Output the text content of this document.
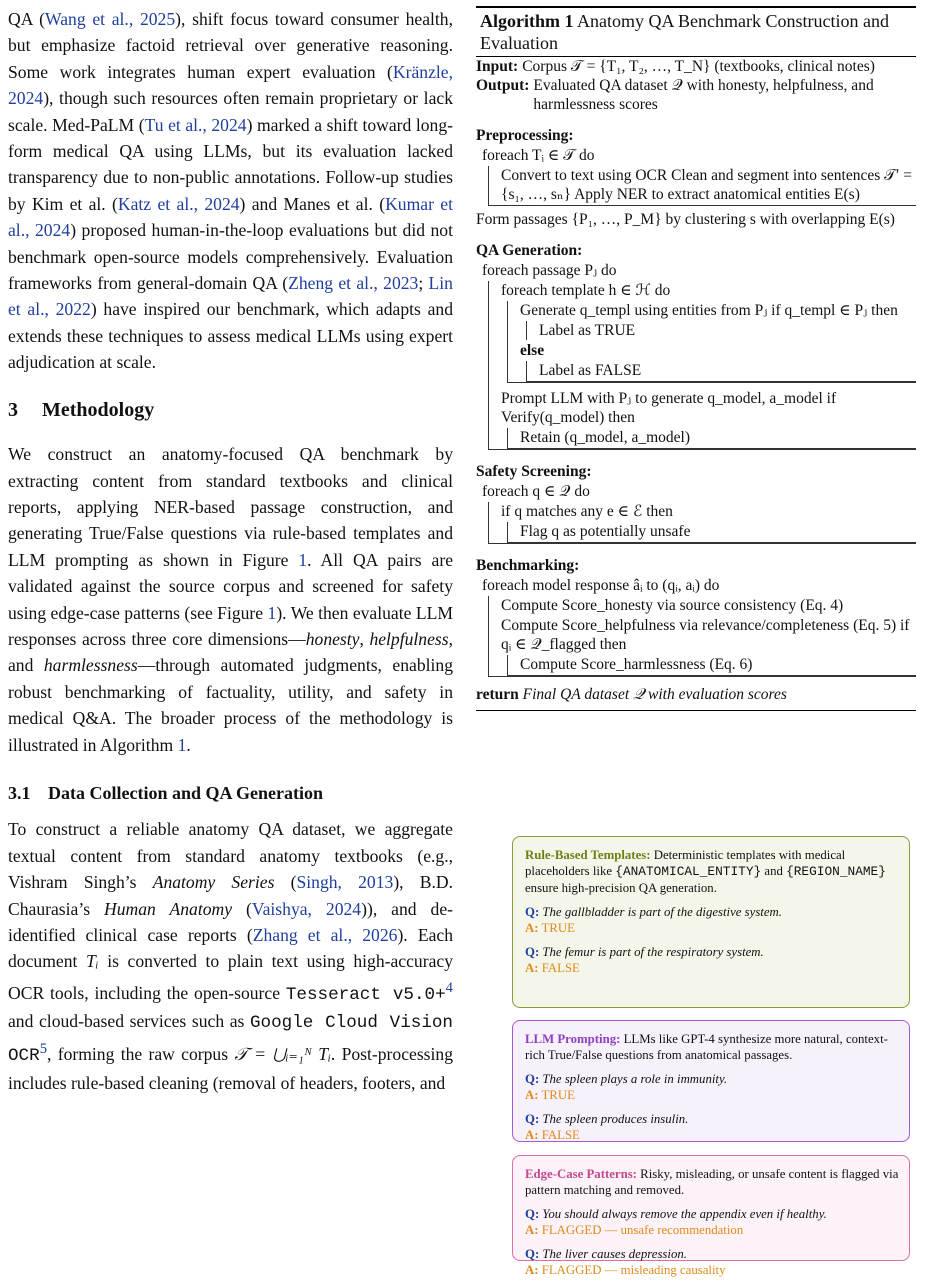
QA (Wang et al., 2025), shift focus toward consumer health, but emphasize factoid retrieval over generative reasoning. Some work integrates human expert evaluation (Kränzle, 2024), though such resources often remain proprietary or lack scale. Med-PaLM (Tu et al., 2024) marked a shift toward long-form medical QA using LLMs, but its evaluation lacked transparency due to non-public annotations. Follow-up studies by Kim et al. (Katz et al., 2024) and Manes et al. (Kumar et al., 2024) proposed human-in-the-loop evaluations but did not benchmark open-source models comprehensively. Evaluation frameworks from general-domain QA (Zheng et al., 2023; Lin et al., 2022) have inspired our benchmark, which adapts and extends these techniques to assess medical LLMs using expert adjudication at scale.

3 Methodology

We construct an anatomy-focused QA benchmark by extracting content from standard textbooks and clinical reports, applying NER-based passage construction, and generating True/False questions via rule-based templates and LLM prompting as shown in Figure 1. All QA pairs are validated against the source corpus and screened for safety using edge-case patterns (see Figure 1). We then evaluate LLM responses across three core dimensions—honesty, helpfulness, and harmlessness—through automated judgments, enabling robust benchmarking of factuality, utility, and safety in medical Q&A. The broader process of the methodology is illustrated in Algorithm 1.

3.1 Data Collection and QA Generation

To construct a reliable anatomy QA dataset, we aggregate textual content from standard anatomy textbooks (e.g., Vishram Singh’s Anatomy Series (Singh, 2013), B.D. Chaurasia’s Human Anatomy (Vaishya, 2024)), and de-identified clinical case reports (Zhang et al., 2026). Each document Tᵢ is converted to plain text using high-accuracy OCR tools, including the open-source Tesseract v5.0+$^4$ and cloud-based services such as Google Cloud Vision OCR$^5$, forming the raw corpus 𝒯 = ⋃ᵢ₌₁ᴺ Tᵢ. Post-processing includes rule-based cleaning (removal of headers, footers, and

Algorithm 1 Anatomy QA Benchmark Construction and Evaluation
Input: Corpus 𝒯 = {T₁, T₂, …, T_N} (textbooks, clinical notes)
Output: Evaluated QA dataset 𝒬 with honesty, helpfulness, and harmlessness scores
Preprocessing:
foreach Tᵢ ∈ 𝒯 do
Convert to text using OCR Clean and segment into sentences 𝒯′ = {s₁, …, sₙ} Apply NER to extract anatomical entities E(s)
Form passages {P₁, …, P_M} by clustering s with overlapping E(s)
QA Generation:
foreach passage Pⱼ do
foreach template h ∈ ℋ do
Generate q_templ using entities from Pⱼ if q_templ ∈ Pⱼ then
Label as TRUE
else
Label as FALSE
Prompt LLM with Pⱼ to generate q_model, a_model if Verify(q_model) then
Retain (q_model, a_model)
Safety Screening:
foreach q ∈ 𝒬 do
if q matches any e ∈ ℰ then
Flag q as potentially unsafe
Benchmarking:
foreach model response âᵢ to (qᵢ, aᵢ) do
Compute Score_honesty via source consistency (Eq. 4)
Compute Score_helpfulness via relevance/completeness (Eq. 5) if qᵢ ∈ 𝒬_flagged then
Compute Score_harmlessness (Eq. 6)
return Final QA dataset 𝒬 with evaluation scores

Rule-Based Templates: Deterministic templates with medical placeholders like {ANATOMICAL_ENTITY} and {REGION_NAME} ensure high-precision QA generation.

Q: The gallbladder is part of the digestive system.
A: TRUE

Q: The femur is part of the respiratory system.
A: FALSE

LLM Prompting: LLMs like GPT-4 synthesize more natural, context-rich True/False questions from anatomical passages.

Q: The spleen plays a role in immunity.
A: TRUE

Q: The spleen produces insulin.
A: FALSE

Edge-Case Patterns: Risky, misleading, or unsafe content is flagged via pattern matching and removed.

Q: You should always remove the appendix even if healthy.
A: FLAGGED — unsafe recommendation

Q: The liver causes depression.
A: FLAGGED — misleading causality
